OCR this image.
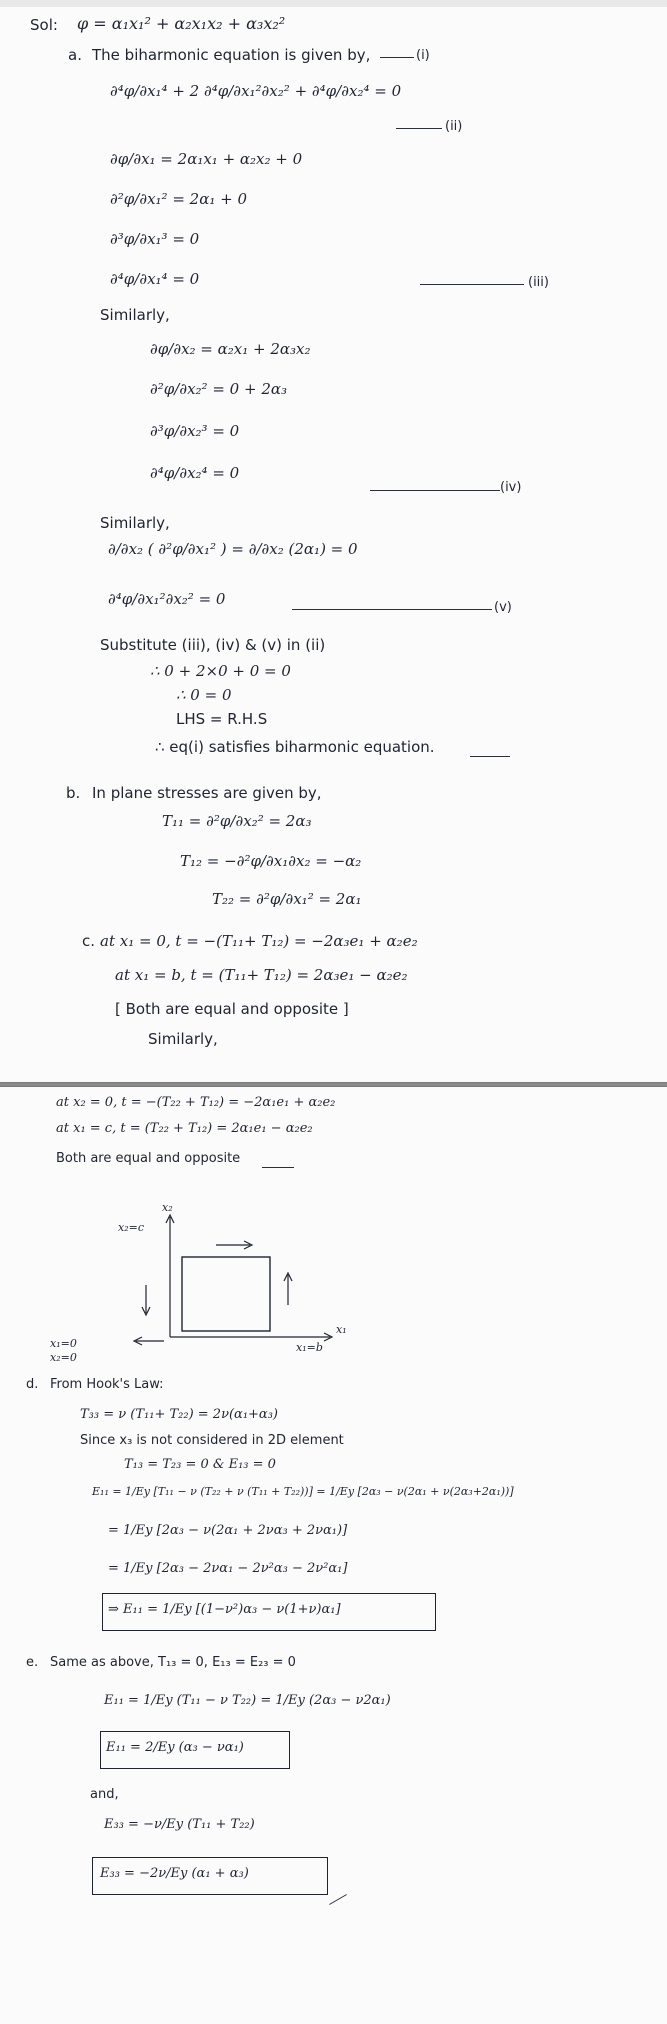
Sol: φ = α₁x₁² + α₂x₁x₂ + α₃x₂²
a. The biharmonic equation is given by,	(i)
∂⁴φ/∂x₁⁴ + 2 ∂⁴φ/∂x₁²∂x₂² + ∂⁴φ/∂x₂⁴ = 0
(ii)
∂φ/∂x₁ = 2α₁x₁ + α₂x₂ + 0
∂²φ/∂x₁² = 2α₁ + 0
∂³φ/∂x₁³ = 0
∂⁴φ/∂x₁⁴ = 0	(iii)
Similarly,
∂φ/∂x₂ = α₂x₁ + 2α₃x₂
∂²φ/∂x₂² = 0 + 2α₃
∂³φ/∂x₂³ = 0
∂⁴φ/∂x₂⁴ = 0
(iv)
Similarly,
∂/∂x₂ ( ∂²φ/∂x₁² ) = ∂/∂x₂ (2α₁) = 0
∂⁴φ/∂x₁²∂x₂² = 0	(v)
Substitute (iii), (iv) & (v) in (ii)
∴ 0 + 2×0 + 0 = 0
∴ 0 = 0
LHS = R.H.S
∴ eq(i) satisfies biharmonic equation.
b. In plane stresses are given by,
T₁₁ = ∂²φ/∂x₂² = 2α₃
T₁₂ = −∂²φ/∂x₁∂x₂ = −α₂
T₂₂ = ∂²φ/∂x₁² = 2α₁
c. at x₁ = 0, t = −(T₁₁+ T₁₂) = −2α₃e₁ + α₂e₂
at x₁ = b, t = (T₁₁+ T₁₂) = 2α₃e₁ − α₂e₂
[ Both are equal and opposite ]
Similarly,
at x₂ = 0, t = −(T₂₂ + T₁₂) = −2α₁e₁ + α₂e₂
at x₁ = c, t = (T₂₂ + T₁₂) = 2α₁e₁ − α₂e₂
Both are equal and opposite
x₂
x₂=c
x₁
x₁=b
x₁=0
x₂=0
d. From Hook's Law:
T₃₃ = ν (T₁₁+ T₂₂) = 2ν(α₁+α₃)
Since x₃ is not considered in 2D element
T₁₃ = T₂₃ = 0 & E₁₃ = 0
E₁₁ = 1/Ey [T₁₁ − ν (T₂₂ + ν (T₁₁ + T₂₂))] = 1/Ey [2α₃ − ν(2α₁ + ν(2α₃+2α₁))]
= 1/Ey [2α₃ − ν(2α₁ + 2να₃ + 2να₁)]
= 1/Ey [2α₃ − 2να₁ − 2ν²α₃ − 2ν²α₁]
⇒ E₁₁ = 1/Ey [(1−ν²)α₃ − ν(1+ν)α₁]
e. Same as above, T₁₃ = 0, E₁₃ = E₂₃ = 0
E₁₁ = 1/Ey (T₁₁ − ν T₂₂) = 1/Ey (2α₃ − ν2α₁)
E₁₁ = 2/Ey (α₃ − να₁)
and,
E₃₃ = −ν/Ey (T₁₁ + T₂₂)
E₃₃ = −2ν/Ey (α₁ + α₃)
